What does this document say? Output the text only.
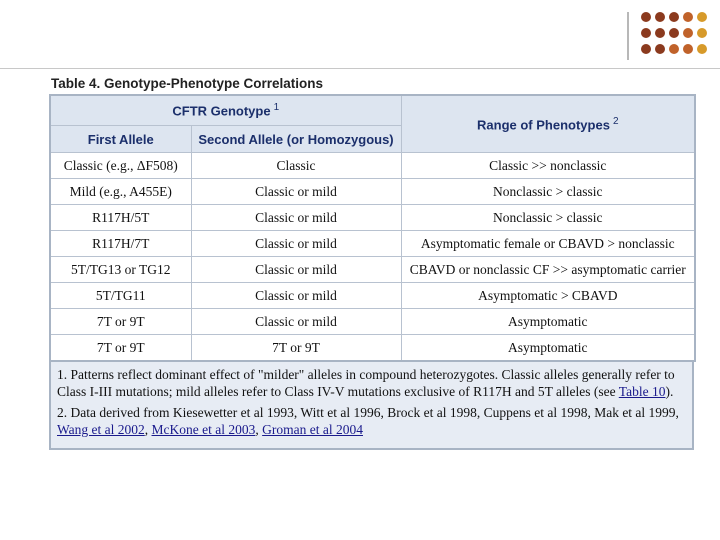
Table 4. Genotype-Phenotype Correlations
CFTR Genotype $^1$		Range of Phenotypes $^2$
First Allele	Second Allele (or Homozygous)	
Classic (e.g., ΔF508)	Classic	Classic >> nonclassic
Mild (e.g., A455E)	Classic or mild	Nonclassic > classic
R117H/5T	Classic or mild	Nonclassic > classic
R117H/7T	Classic or mild	Asymptomatic female or CBAVD > nonclassic
5T/TG13 or TG12	Classic or mild	CBAVD or nonclassic CF >> asymptomatic carrier
5T/TG11	Classic or mild	Asymptomatic > CBAVD
7T or 9T	Classic or mild	Asymptomatic
7T or 9T	7T or 9T	Asymptomatic

1. Patterns reflect dominant effect of "milder" alleles in compound heterozygotes. Classic alleles generally refer to Class I-III mutations; mild alleles refer to Class IV-V mutations exclusive of R117H and 5T alleles (see Table 10).

2. Data derived from Kiesewetter et al 1993, Witt et al 1996, Brock et al 1998, Cuppens et al 1998, Mak et al 1999, Wang et al 2002, McKone et al 2003, Groman et al 2004
